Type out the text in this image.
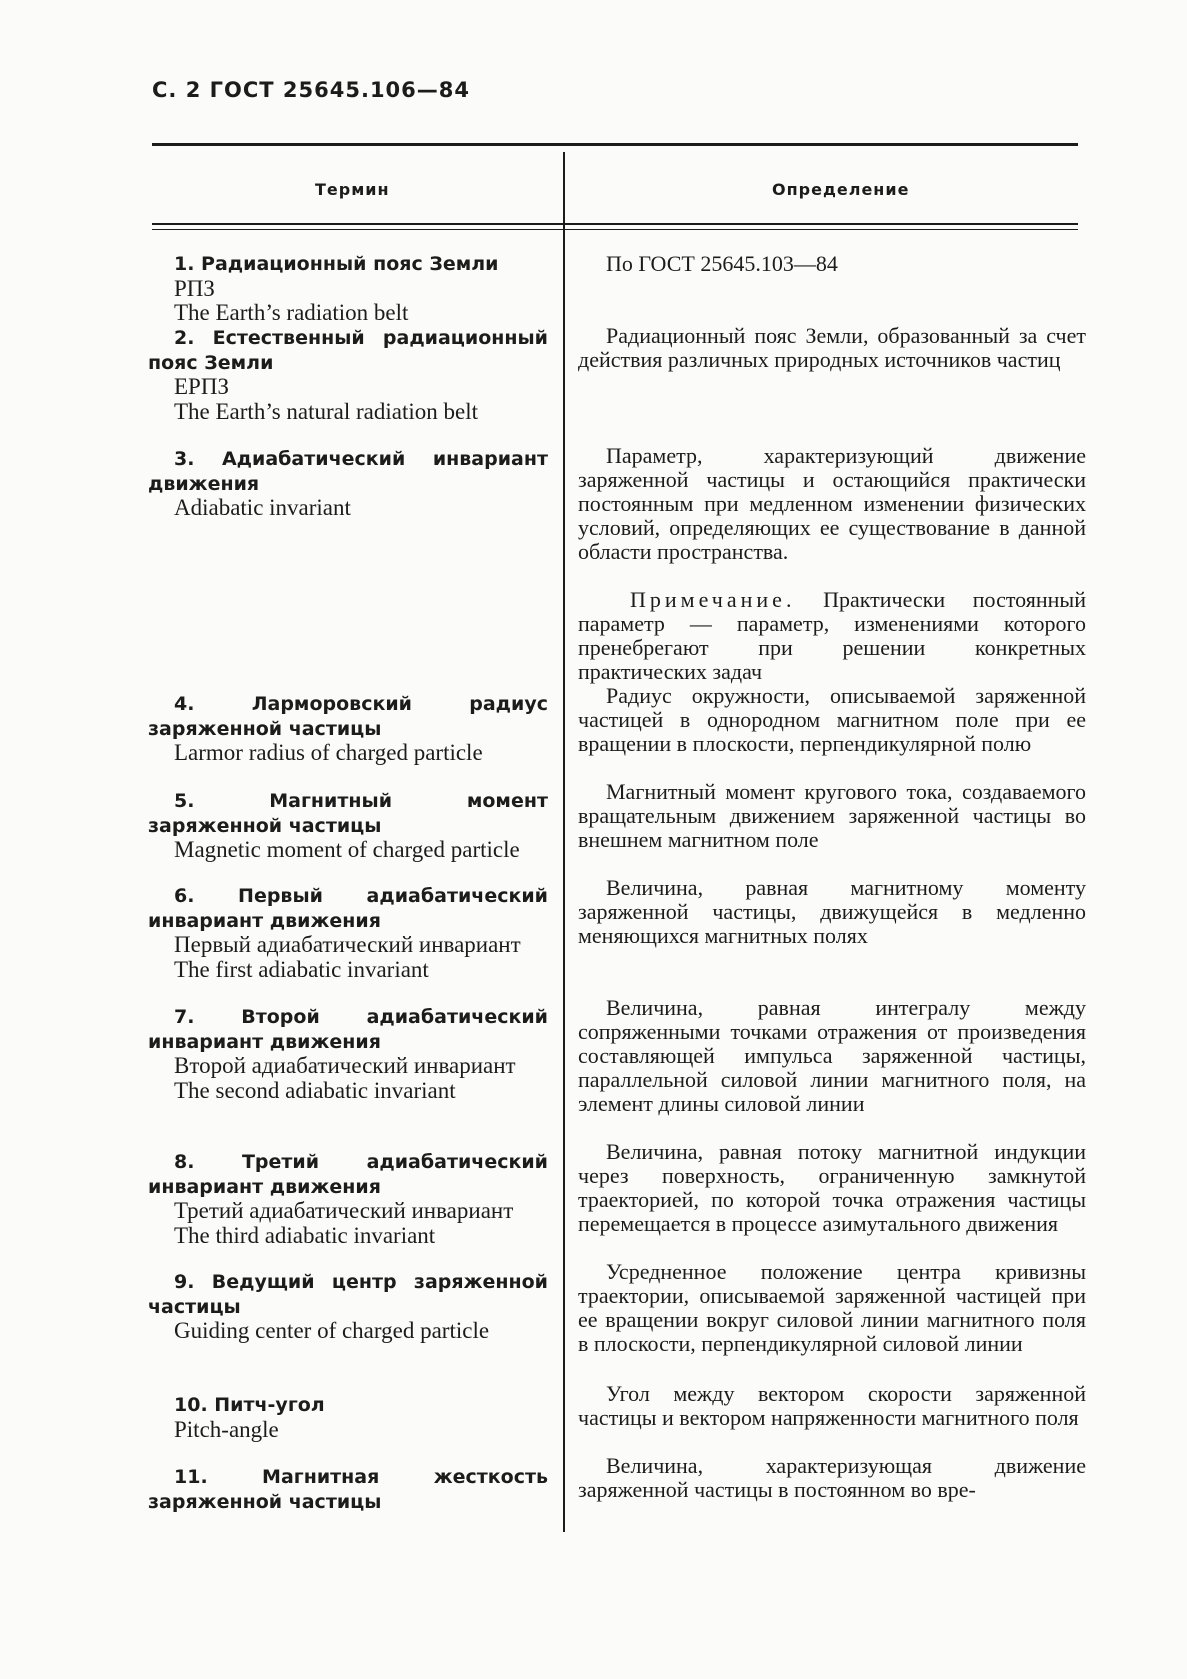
С. 2 ГОСТ 25645.106—84
Термин	Определение
1. Радиационный пояс Земли
РПЗ
The Earth’s radiation belt
2. Естественный радиационный пояс Земли
ЕРПЗ
The Earth’s natural radiation belt
3. Адиабатический инвариант движения
Adiabatic invariant
4. Ларморовский радиус заряженной частицы
Larmor radius of charged particle
5. Магнитный момент заряженной частицы
Magnetic moment of charged particle
6. Первый адиабатический инвариант движения
Первый адиабатический инвариант
The first adiabatic invariant
7. Второй адиабатический инвариант движения
Второй адиабатический инвариант
The second adiabatic invariant
8. Третий адиабатический инвариант движения
Третий адиабатический инвариант
The third adiabatic invariant
9. Ведущий центр заряженной частицы
Guiding center of charged particle
10. Питч-угол
Pitch-angle
11. Магнитная жесткость заряженной частицы
По ГОСТ 25645.103—84
Радиационный пояс Земли, образованный за счет действия различных природных источников частиц
Параметр, характеризующий движение заряженной частицы и остающийся практически постоянным при медленном изменении физических условий, определяющих ее существование в данной области пространства.
Примечание. Практически постоянный параметр — параметр, изменениями которого пренебрегают при решении конкретных практических задач
Радиус окружности, описываемой заряженной частицей в однородном магнитном поле при ее вращении в плоскости, перпендикулярной полю
Магнитный момент кругового тока, создаваемого вращательным движением заряженной частицы во внешнем магнитном поле
Величина, равная магнитному моменту заряженной частицы, движущейся в медленно меняющихся магнитных полях
Величина, равная интегралу между сопряженными точками отражения от произведения составляющей импульса заряженной частицы, параллельной силовой линии магнитного поля, на элемент длины силовой линии
Величина, равная потоку магнитной индукции через поверхность, ограниченную замкнутой траекторией, по которой точка отражения частицы перемещается в процессе азимутального движения
Усредненное положение центра кривизны траектории, описываемой заряженной частицей при ее вращении вокруг силовой линии магнитного поля в плоскости, перпендикулярной силовой линии
Угол между вектором скорости заряженной частицы и вектором напряженности магнитного поля
Величина, характеризующая движение заряженной частицы в постоянном во вре-
